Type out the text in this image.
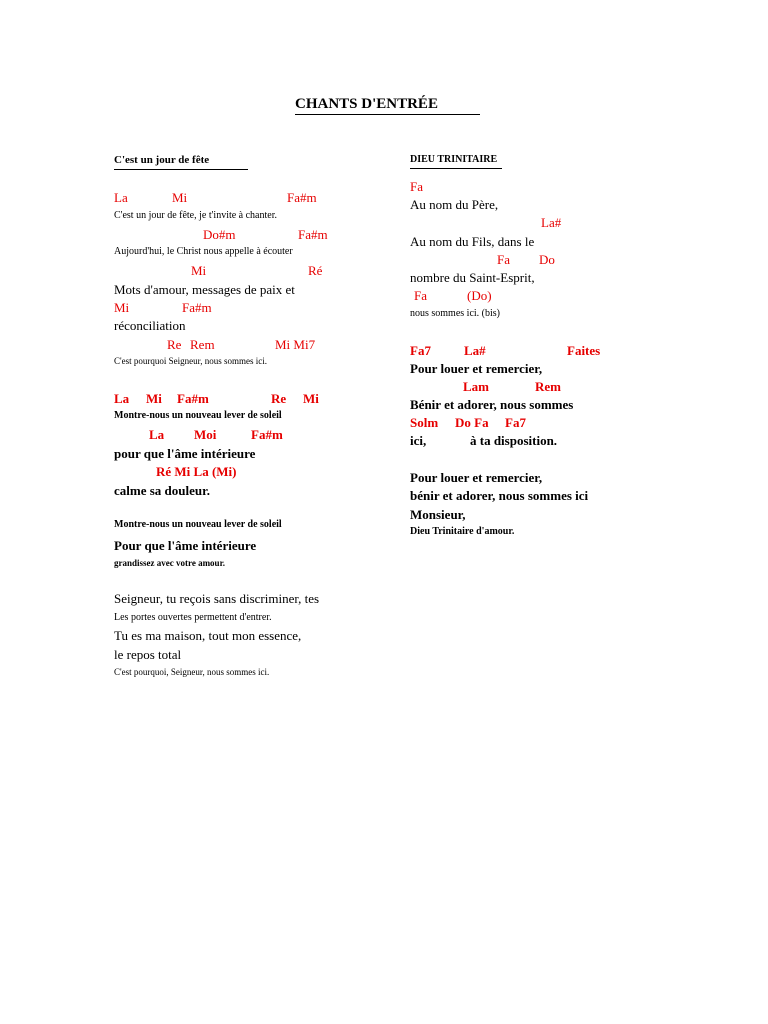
CHANTS D'ENTRÉE
C'est un jour de fête	DIEU TRINITAIRE
La	Mi	Fa#m
C'est un jour de fête, je t'invite à chanter.
Do#m	Fa#m
Aujourd'hui, le Christ nous appelle à écouter
Mi	Ré
Mots d'amour, messages de paix et
Mi	Fa#m
réconciliation
Re Rem	Mi Mi7
C'est pourquoi Seigneur, nous sommes ici.
La Mi Fa#m	Re Mi
Montre-nous un nouveau lever de soleil
La Moi	Fa#m
pour que l'âme intérieure
Ré Mi La (Mi)
calme sa douleur.
Montre-nous un nouveau lever de soleil
Pour que l'âme intérieure
grandissez avec votre amour.
Seigneur, tu reçois sans discriminer, tes
Les portes ouvertes permettent d'entrer.
Tu es ma maison, tout mon essence,
le repos total
C'est pourquoi, Seigneur, nous sommes ici.
Fa
Au nom du Père,
La#
Au nom du Fils, dans le
Fa Do
nombre du Saint-Esprit,
Fa	(Do)
nous sommes ici. (bis)
Fa7	La#	Faites
Pour louer et remercier,
Lam	Rem
Bénir et adorer, nous sommes
Solm Do Fa Fa7
ici,	à ta disposition.
Pour louer et remercier,
bénir et adorer, nous sommes ici
Monsieur,
Dieu Trinitaire d'amour.
